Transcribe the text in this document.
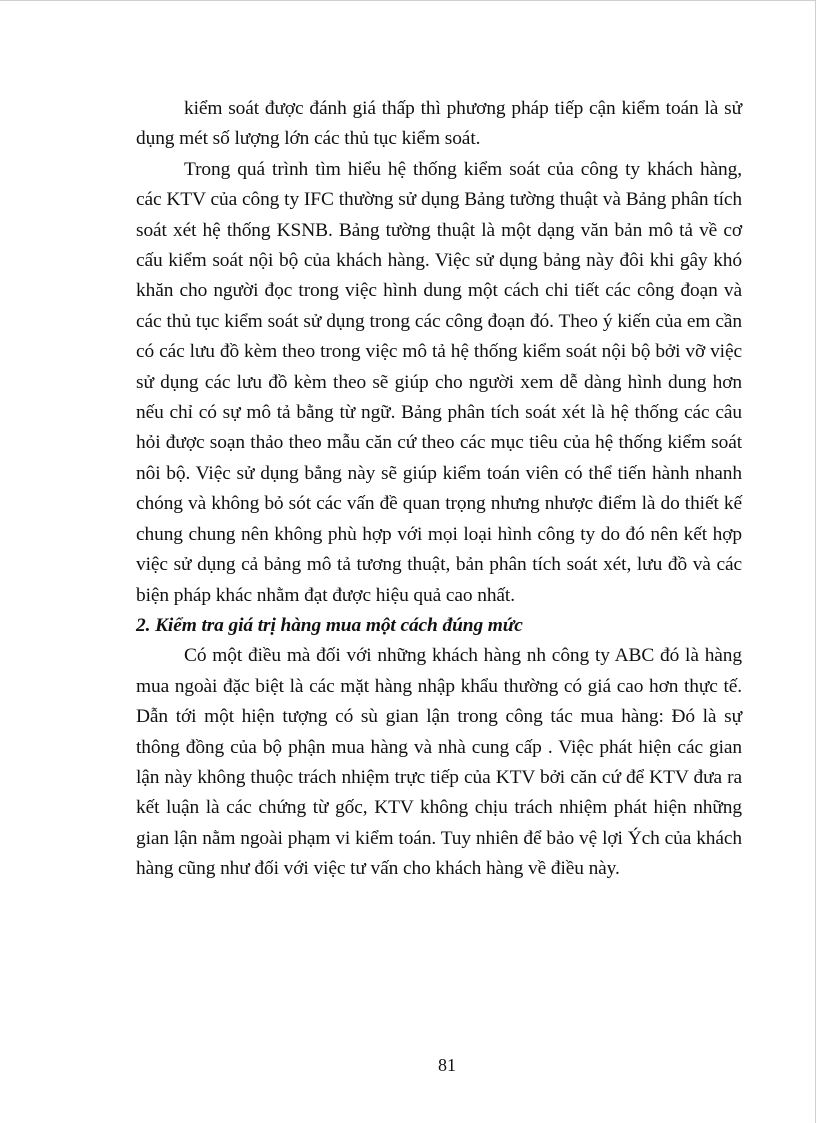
kiểm soát được đánh giá thấp thì phương pháp tiếp cận kiểm toán là sử dụng mét số lượng lớn các thủ tục kiểm soát.

Trong quá trình tìm hiểu hệ thống kiểm soát của công ty khách hàng, các KTV của công ty IFC thường sử dụng Bảng tường thuật và Bảng phân tích soát xét hệ thống KSNB. Bảng tường thuật là một dạng văn bản mô tả về cơ cấu kiểm soát nội bộ của khách hàng. Việc sử dụng bảng này đôi khi gây khó khăn cho người đọc trong việc hình dung một cách chi tiết các công đoạn và các thủ tục kiểm soát sử dụng trong các công đoạn đó. Theo ý kiến của em cần có các lưu đồ kèm theo trong việc mô tả hệ thống kiểm soát nội bộ bởi vỡ việc sử dụng các lưu đồ kèm theo sẽ giúp cho người xem dễ dàng hình dung hơn nếu chỉ có sự mô tả bằng từ ngữ. Bảng phân tích soát xét là hệ thống các câu hỏi được soạn thảo theo mẫu căn cứ theo các mục tiêu của hệ thống kiểm soát nôi bộ. Việc sử dụng bẳng này sẽ giúp kiểm toán viên có thể tiến hành nhanh chóng và không bỏ sót các vấn đề quan trọng nhưng nhược điểm là do thiết kế chung chung nên không phù hợp với mọi loại hình công ty do đó nên kết hợp việc sử dụng cả bảng mô tả tương thuật, bản phân tích soát xét, lưu đồ và các biện pháp khác nhằm đạt được hiệu quả cao nhất.

2. Kiểm tra giá trị hàng mua một cách đúng mức

Có một điều mà đối với những khách hàng nh công ty ABC đó là hàng mua ngoài đặc biệt là các mặt hàng nhập khẩu thường có giá cao hơn thực tế. Dẫn tới một hiện tượng có sù gian lận trong công tác mua hàng: Đó là sự thông đồng của bộ phận mua hàng và nhà cung cấp . Việc phát hiện các gian lận này không thuộc trách nhiệm trực tiếp của KTV bởi căn cứ để KTV đưa ra kết luận là các chứng từ gốc, KTV không chịu trách nhiệm phát hiện những gian lận nằm ngoài phạm vi kiểm toán. Tuy nhiên để bảo vệ lợi Ých của khách hàng cũng như đối với việc tư vấn cho khách hàng về điều này.

81
